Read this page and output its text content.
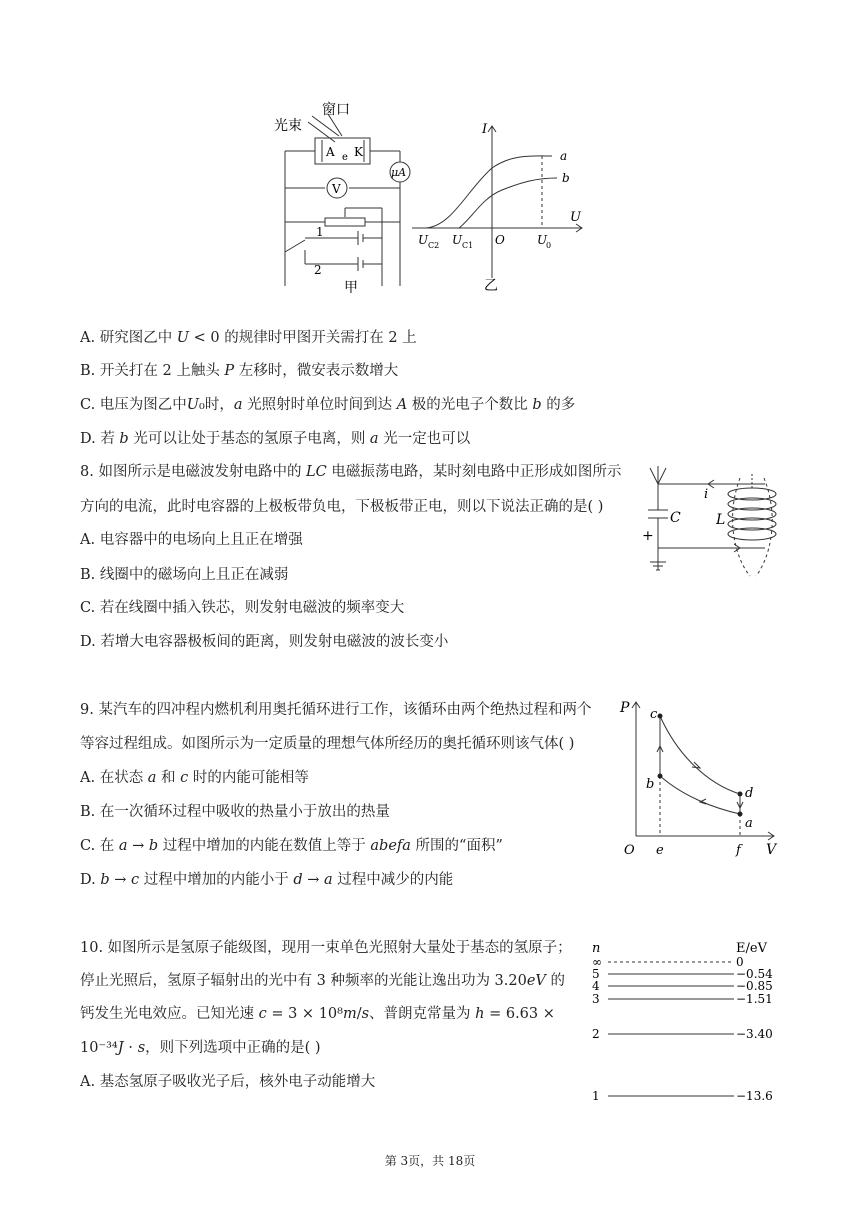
窗口
光束
A K
e
V
μA
1
2
甲
I
U
a
b
U C2 U C1 O	U
0
乙
A. 研究图乙中 𝑈 < 0 的规律时甲图开关需打在 2 上
B. 开关打在 2 上触头 𝑃 左移时，微安表示数增大
C. 电压为图乙中𝑈₀时，𝑎 光照射时单位时间到达 𝐴 极的光电子个数比 𝑏 的多
D. 若 𝑏 光可以让处于基态的氢原子电离，则 𝑎 光一定也可以
8. 如图所示是电磁波发射电路中的 𝐿𝐶 电磁振荡电路，某时刻电路中正形成如图所示
方向的电流，此时电容器的上极板带负电，下极板带正电，则以下说法正确的是( )
A. 电容器中的电场向上且正在增强
B. 线圈中的磁场向上且正在减弱
C. 若在线圈中插入铁芯，则发射电磁波的频率变大
D. 若增大电容器极板间的距离，则发射电磁波的波长变小
i
C	L
+
9. 某汽车的四冲程内燃机利用奥托循环进行工作，该循环由两个绝热过程和两个
等容过程组成。如图所示为一定质量的理想气体所经历的奥托循环则该气体( )
A. 在状态 𝑎 和 𝑐 时的内能可能相等
B. 在一次循环过程中吸收的热量小于放出的热量
C. 在 𝑎 → 𝑏 过程中增加的内能在数值上等于 𝑎𝑏𝑒𝑓𝑎 所围的“面积”
D. 𝑏 → 𝑐 过程中增加的内能小于 𝑑 → 𝑎 过程中减少的内能
P
V
O
c
b
d
a
e	f
10. 如图所示是氢原子能级图，现用一束单色光照射大量处于基态的氢原子；
停止光照后，氢原子辐射出的光中有 3 种频率的光能让逸出功为 3.20𝑒𝑉 的
钙发生光电效应。已知光速 𝑐 = 3 × 10⁸𝑚/𝑠、普朗克常量为 ℎ = 6.63 ×
10⁻³⁴𝐽 ⋅ 𝑠，则下列选项中正确的是( )
A. 基态氢原子吸收光子后，核外电子动能增大
n	E/eV
∞	0
5	−0.54
4	−0.85
3	−1.51
2	−3.40
1	−13.6
第 3页，共 18页
